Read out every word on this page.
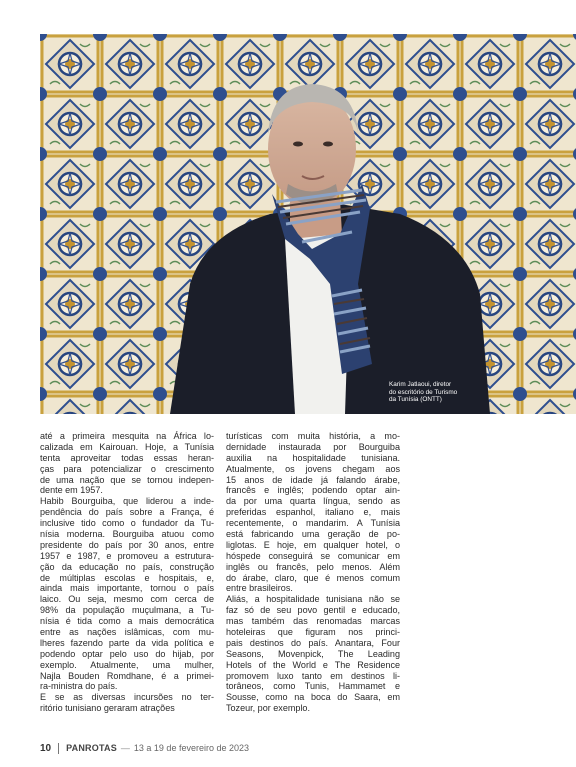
Karim Jatlaoui, diretor
do escritório de Turismo
da Tunísia (ONTT)
até a primeira mesquita na África lo-
calizada em Kairouan. Hoje, a Tunísia
tenta aproveitar todas essas heran-
ças para potencializar o crescimento
de uma nação que se tornou indepen-
dente em 1957.
Habib Bourguiba, que liderou a inde-
pendência do país sobre a França, é
inclusive tido como o fundador da Tu-
nísia moderna. Bourguiba atuou como
presidente do país por 30 anos, entre
1957 e 1987, e promoveu a estrutura-
ção da educação no país, construção
de múltiplas escolas e hospitais, e,
ainda mais importante, tornou o país
laico. Ou seja, mesmo com cerca de
98% da população muçulmana, a Tu-
nísia é tida como a mais democrática
entre as nações islâmicas, com mu-
lheres fazendo parte da vida política e
podendo optar pelo uso do hijab, por
exemplo. Atualmente, uma mulher,
Najla Bouden Romdhane, é a primei-
ra-ministra do país.
E se as diversas incursões no ter-
ritório tunisiano geraram atrações
turísticas com muita história, a mo-
dernidade instaurada por Bourguiba
auxilia na hospitalidade tunisiana.
Atualmente, os jovens chegam aos
15 anos de idade já falando árabe,
francês e inglês; podendo optar ain-
da por uma quarta língua, sendo as
preferidas espanhol, italiano e, mais
recentemente, o mandarim. A Tunísia
está fabricando uma geração de po-
liglotas. E hoje, em qualquer hotel, o
hóspede conseguirá se comunicar em
inglês ou francês, pelo menos. Além
do árabe, claro, que é menos comum
entre brasileiros.
Aliás, a hospitalidade tunisiana não se
faz só de seu povo gentil e educado,
mas também das renomadas marcas
hoteleiras que figuram nos princi-
pais destinos do país. Anantara, Four
Seasons, Movenpick, The Leading
Hotels of the World e The Residence
promovem luxo tanto em destinos li-
torâneos, como Tunis, Hammamet e
Sousse, como na boca do Saara, em
Tozeur, por exemplo.
10 PANROTAS — 13 a 19 de fevereiro de 2023
